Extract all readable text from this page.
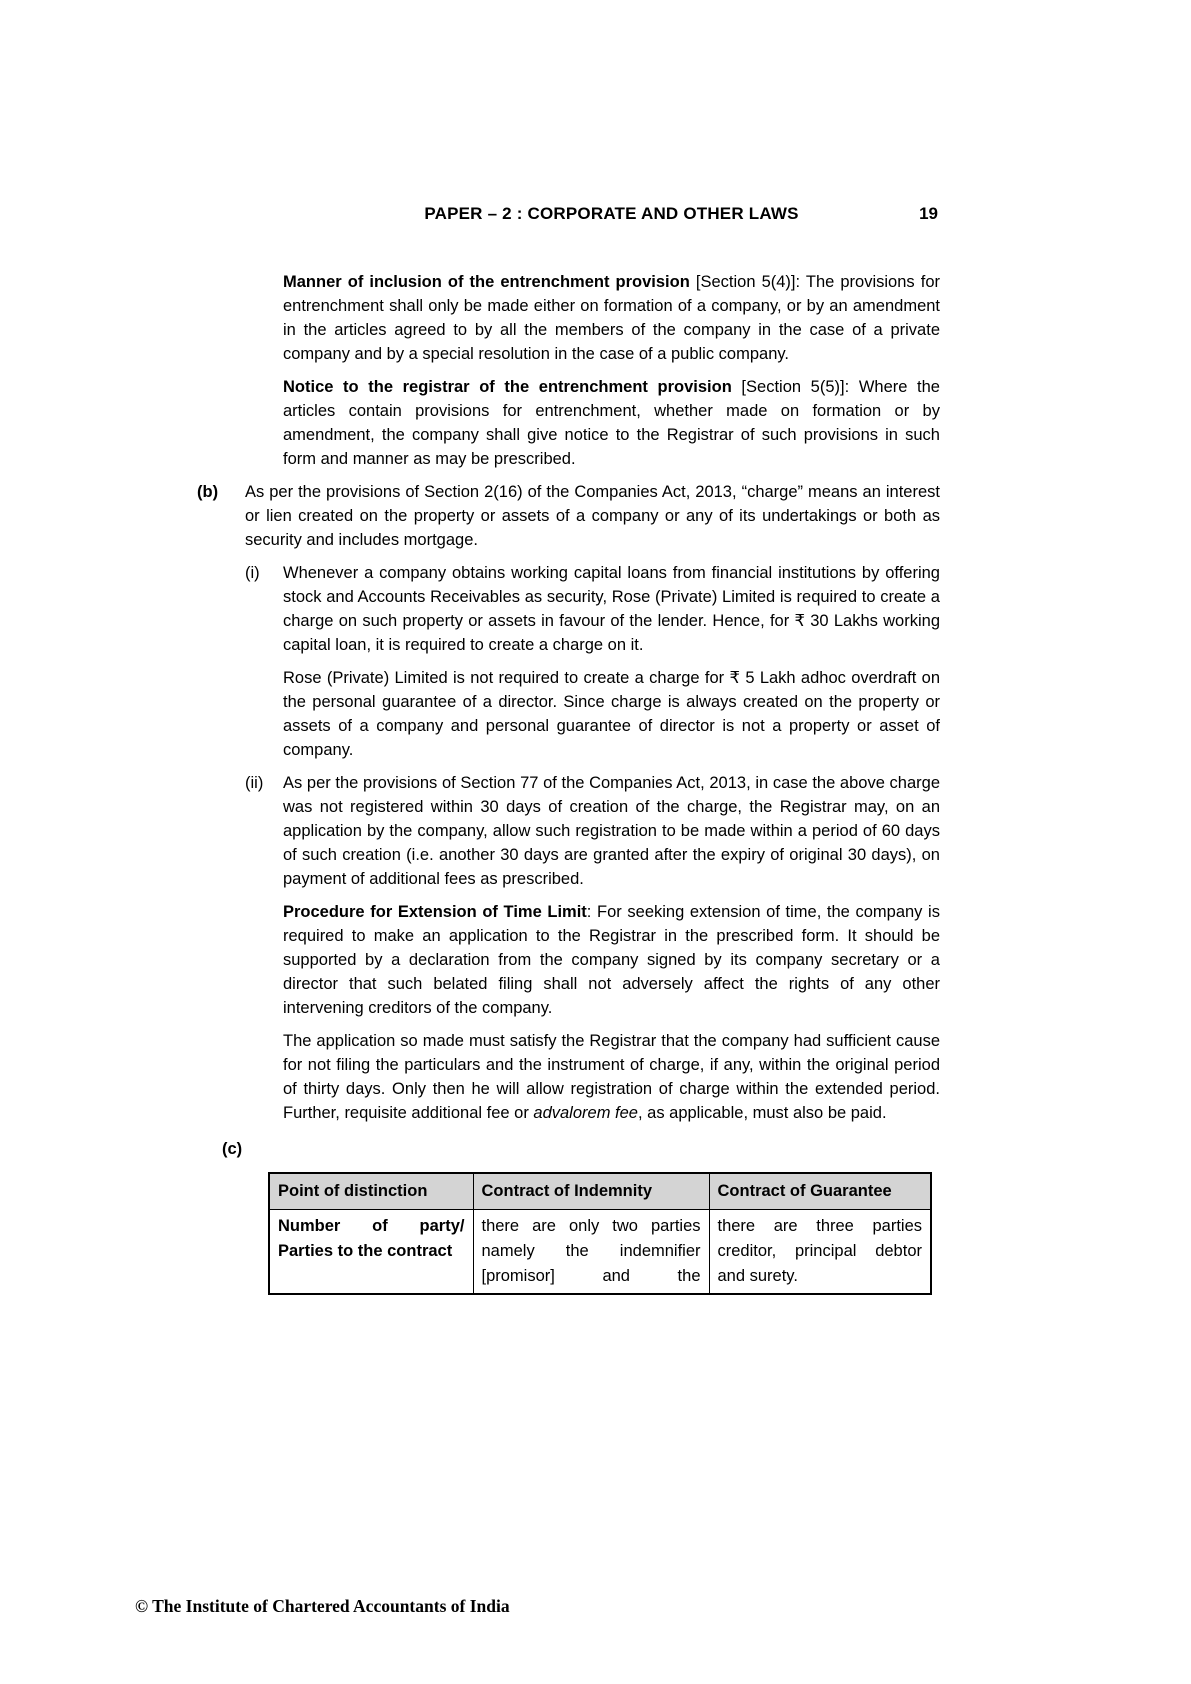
PAPER – 2 : CORPORATE AND OTHER LAWS	19
Manner of inclusion of the entrenchment provision [Section 5(4)]: The provisions for entrenchment shall only be made either on formation of a company, or by an amendment in the articles agreed to by all the members of the company in the case of a private company and by a special resolution in the case of a public company.
Notice to the registrar of the entrenchment provision [Section 5(5)]: Where the articles contain provisions for entrenchment, whether made on formation or by amendment, the company shall give notice to the Registrar of such provisions in such form and manner as may be prescribed.
(b) As per the provisions of Section 2(16) of the Companies Act, 2013, “charge” means an interest or lien created on the property or assets of a company or any of its undertakings or both as security and includes mortgage.
(i) Whenever a company obtains working capital loans from financial institutions by offering stock and Accounts Receivables as security, Rose (Private) Limited is required to create a charge on such property or assets in favour of the lender. Hence, for ₹ 30 Lakhs working capital loan, it is required to create a charge on it.
Rose (Private) Limited is not required to create a charge for ₹ 5 Lakh adhoc overdraft on the personal guarantee of a director. Since charge is always created on the property or assets of a company and personal guarantee of director is not a property or asset of company.
(ii) As per the provisions of Section 77 of the Companies Act, 2013, in case the above charge was not registered within 30 days of creation of the charge, the Registrar may, on an application by the company, allow such registration to be made within a period of 60 days of such creation (i.e. another 30 days are granted after the expiry of original 30 days), on payment of additional fees as prescribed.
Procedure for Extension of Time Limit: For seeking extension of time, the company is required to make an application to the Registrar in the prescribed form. It should be supported by a declaration from the company signed by its company secretary or a director that such belated filing shall not adversely affect the rights of any other intervening creditors of the company.
The application so made must satisfy the Registrar that the company had sufficient cause for not filing the particulars and the instrument of charge, if any, within the original period of thirty days. Only then he will allow registration of charge within the extended period. Further, requisite additional fee or advalorem fee, as applicable, must also be paid.
(c)
Point of distinction	Contract of Indemnity	Contract of Guarantee
Number of party/ Parties to the contract	there are only two parties namely the indemnifier [promisor] and the	there are three parties creditor, principal debtor and surety.
© The Institute of Chartered Accountants of India
